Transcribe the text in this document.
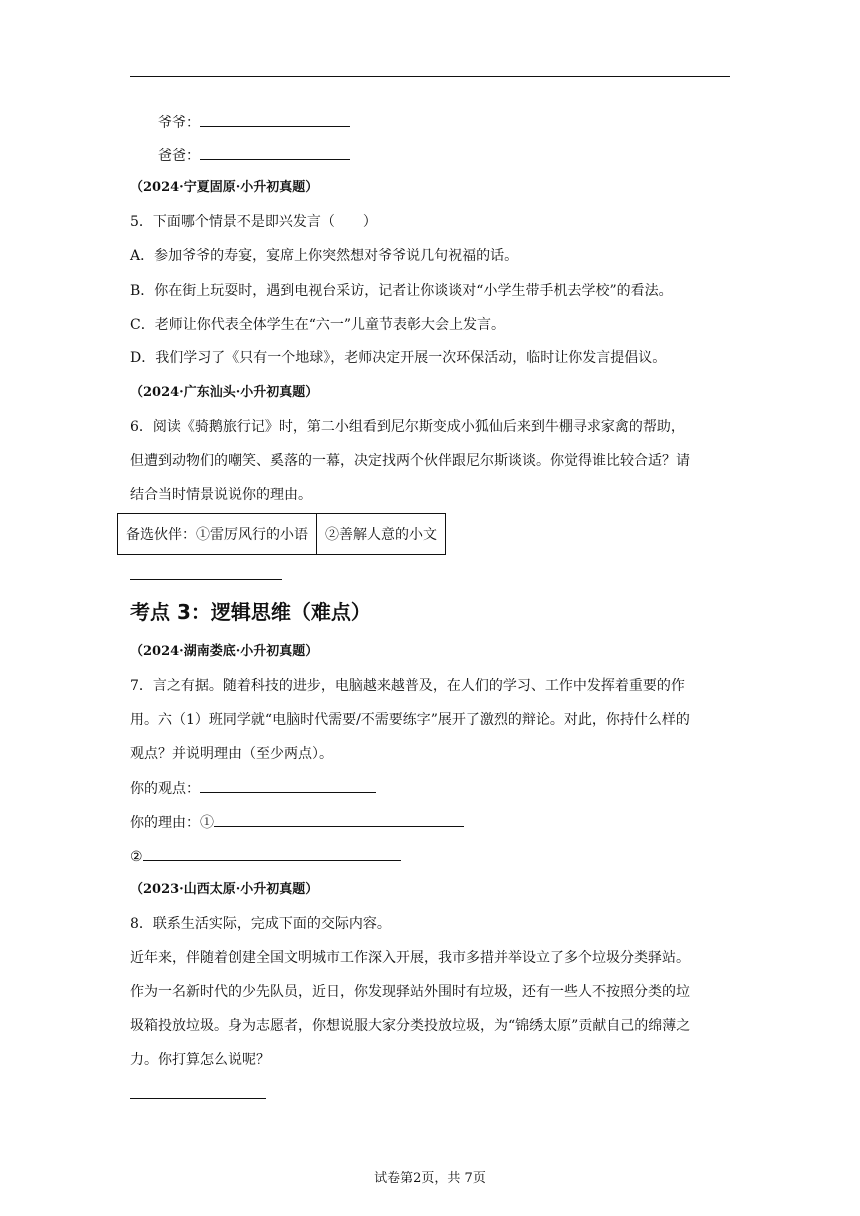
爷爷：
爸爸：
（2024·宁夏固原·小升初真题）
5．下面哪个情景不是即兴发言（　　）
A．参加爷爷的寿宴，宴席上你突然想对爷爷说几句祝福的话。
B．你在街上玩耍时，遇到电视台采访，记者让你谈谈对“小学生带手机去学校”的看法。
C．老师让你代表全体学生在“六一”儿童节表彰大会上发言。
D．我们学习了《只有一个地球》，老师决定开展一次环保活动，临时让你发言提倡议。
（2024·广东汕头·小升初真题）
6．阅读《骑鹅旅行记》时，第二小组看到尼尔斯变成小狐仙后来到牛棚寻求家禽的帮助，
但遭到动物们的嘲笑、奚落的一幕，决定找两个伙伴跟尼尔斯谈谈。你觉得谁比较合适？请
结合当时情景说说你的理由。
备选伙伴：①雷厉风行的小语	②善解人意的小文
考点 3：逻辑思维（难点）
（2024·湖南娄底·小升初真题）
7．言之有据。随着科技的进步，电脑越来越普及，在人们的学习、工作中发挥着重要的作
用。六（1）班同学就“电脑时代需要/不需要练字”展开了激烈的辩论。对此，你持什么样的
观点？并说明理由（至少两点）。
你的观点：
你的理由：①
②
（2023·山西太原·小升初真题）
8．联系生活实际，完成下面的交际内容。
近年来，伴随着创建全国文明城市工作深入开展，我市多措并举设立了多个垃圾分类驿站。
作为一名新时代的少先队员，近日，你发现驿站外围时有垃圾，还有一些人不按照分类的垃
圾箱投放垃圾。身为志愿者，你想说服大家分类投放垃圾，为“锦绣太原”贡献自己的绵薄之
力。你打算怎么说呢？
试卷第2页，共 7页
